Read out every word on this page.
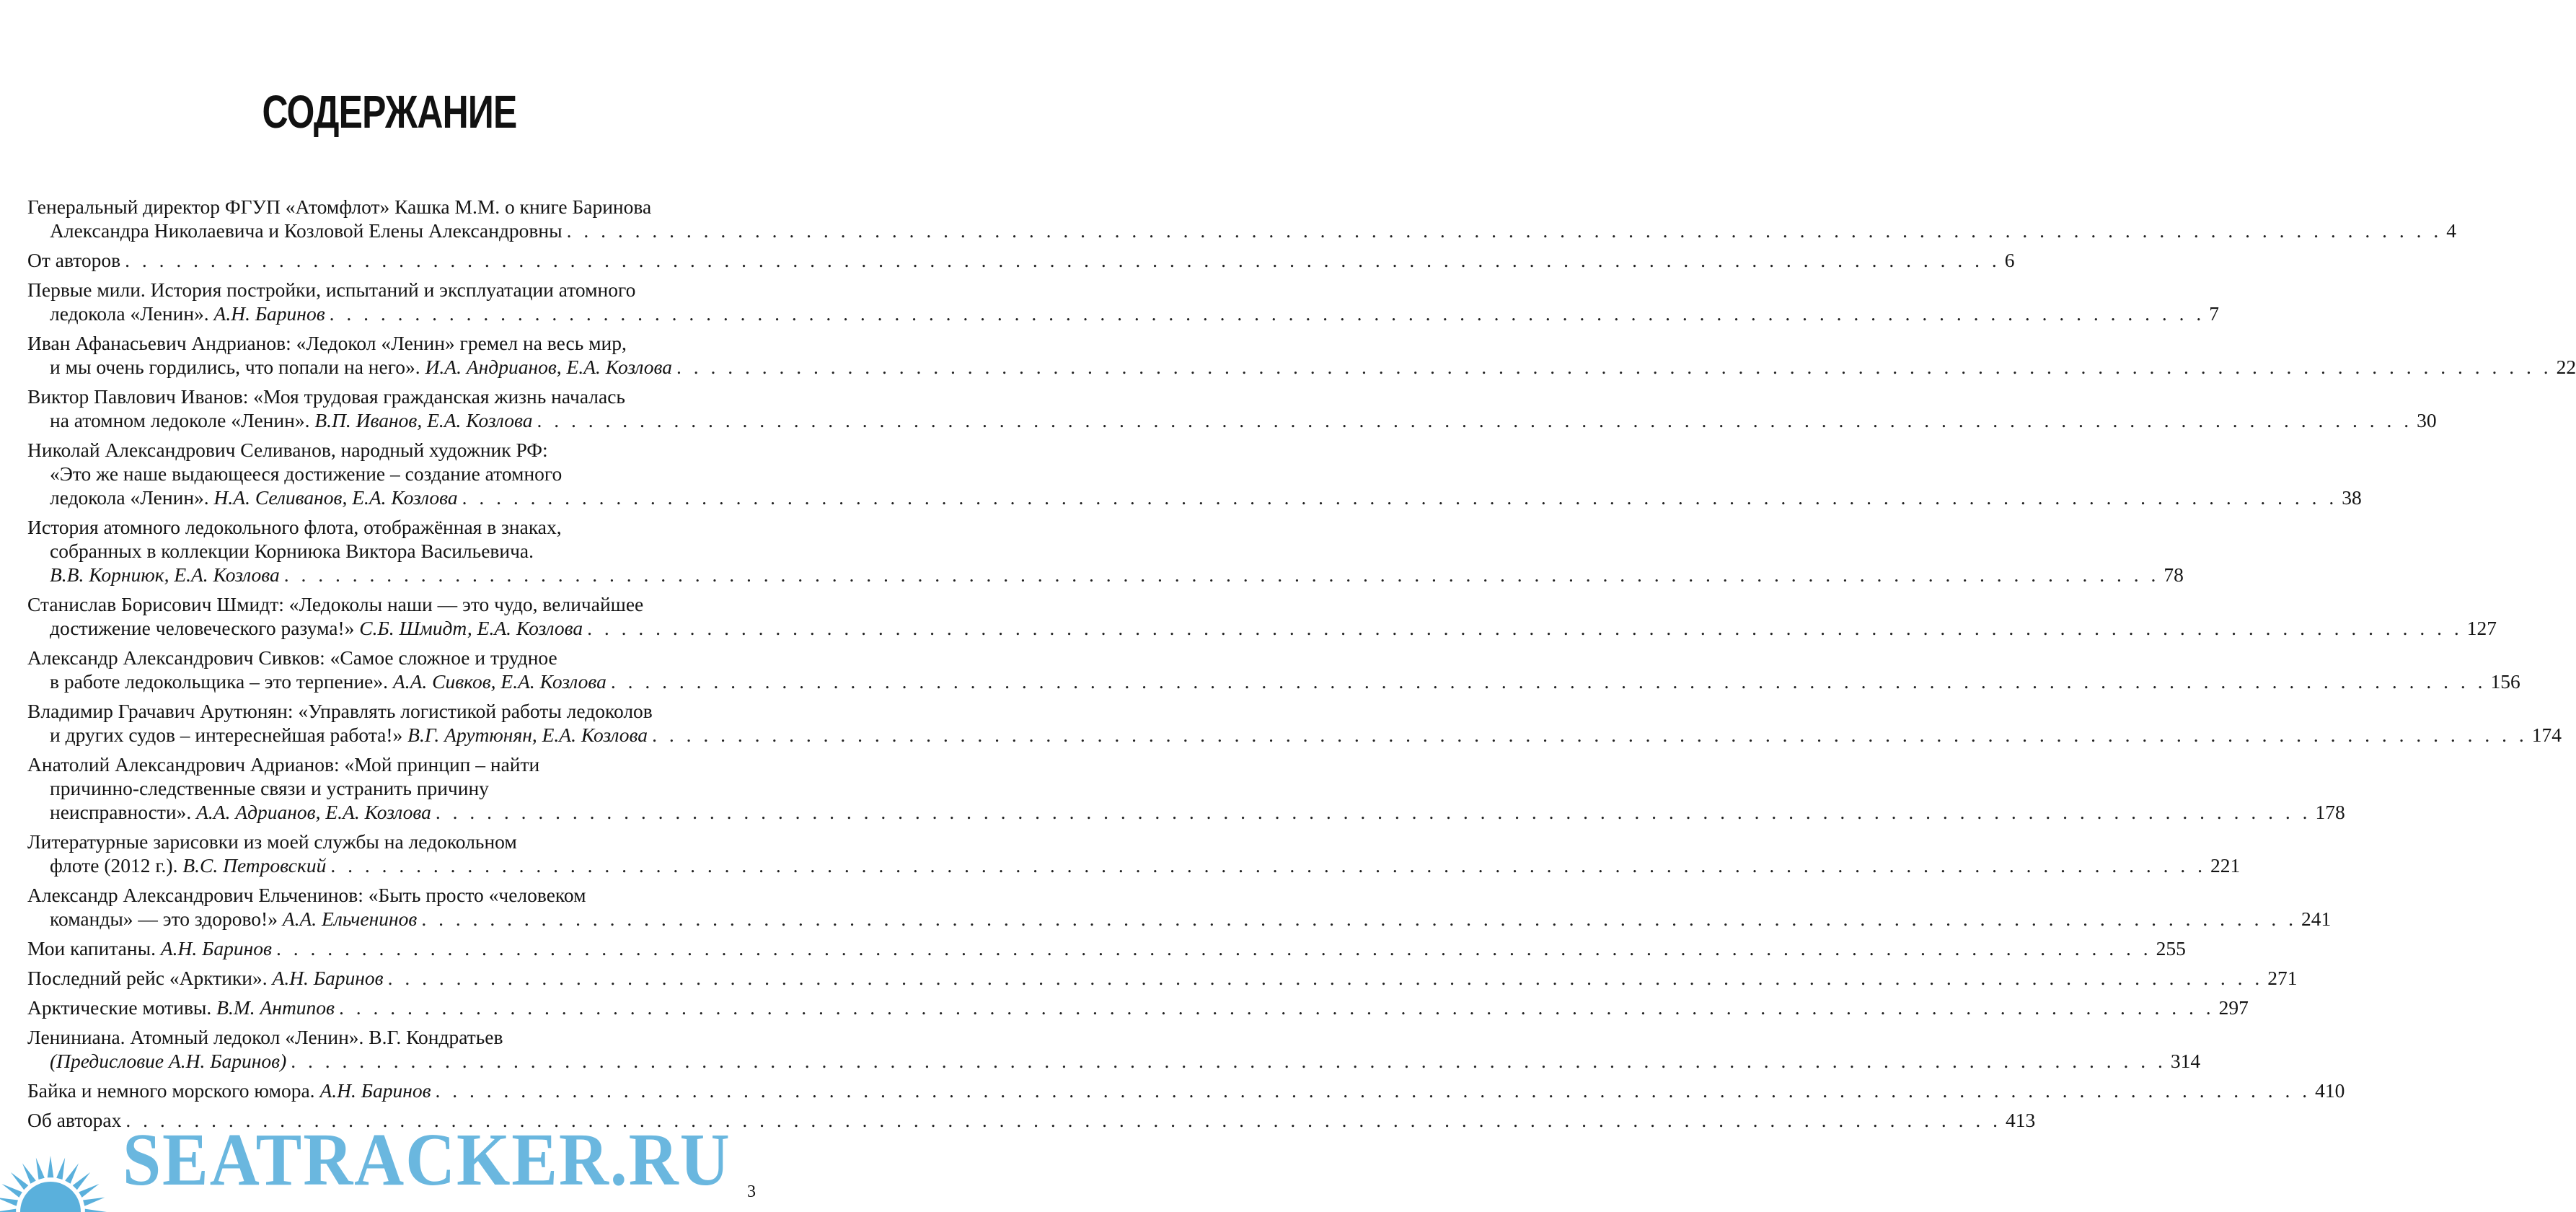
СОДЕРЖАНИЕ
Генеральный директор ФГУП «Атомфлот» Кашка М.М. о книге Баринова
Александра Николаевича и Козловой Елены Александровны . . .	4
От авторов . . .	6
Первые мили. История постройки, испытаний и эксплуатации атомного
ледокола «Ленин». А.Н. Баринов . . .	7
Иван Афанасьевич Андрианов: «Ледокол «Ленин» гремел на весь мир,
и мы очень гордились, что попали на него». И.А. Андрианов, Е.А. Козлова . . .	22
Виктор Павлович Иванов: «Моя трудовая гражданская жизнь началась
на атомном ледоколе «Ленин». В.П. Иванов, Е.А. Козлова . . .	30
Николай Александрович Селиванов, народный художник РФ:
«Это же наше выдающееся достижение – создание атомного
ледокола «Ленин». Н.А. Селиванов, Е.А. Козлова . . .	38
История атомного ледокольного флота, отображённая в знаках,
собранных в коллекции Корниюка Виктора Васильевича.
В.В. Корниюк, Е.А. Козлова . . .	78
Станислав Борисович Шмидт: «Ледоколы наши — это чудо, величайшее
достижение человеческого разума!» С.Б. Шмидт, Е.А. Козлова . . .	127
Александр Александрович Сивков: «Самое сложное и трудное
в работе ледокольщика – это терпение». А.А. Сивков, Е.А. Козлова . . .	156
Владимир Грачавич Арутюнян: «Управлять логистикой работы ледоколов
и других судов – интереснейшая работа!» В.Г. Арутюнян, Е.А. Козлова . . .	174
Анатолий Александрович Адрианов: «Мой принцип – найти
причинно-следственные связи и устранить причину
неисправности». А.А. Адрианов, Е.А. Козлова . . .	178
Литературные зарисовки из моей службы на ледокольном
флоте (2012 г.). В.С. Петровский . . .	221
Александр Александрович Ельченинов: «Быть просто «человеком
команды» — это здорово!» А.А. Ельченинов . . .	241
Мои капитаны. А.Н. Баринов . . .	255
Последний рейс «Арктики». А.Н. Баринов . . .	271
Арктические мотивы. В.М. Антипов . . .	297
Лениниана. Атомный ледокол «Ленин». В.Г. Кондратьев
(Предисловие А.Н. Баринов) . . .	314
Байка и немного морского юмора. А.Н. Баринов . . .	410
Об авторах . . .	413
SEATRACKER.RU 3
